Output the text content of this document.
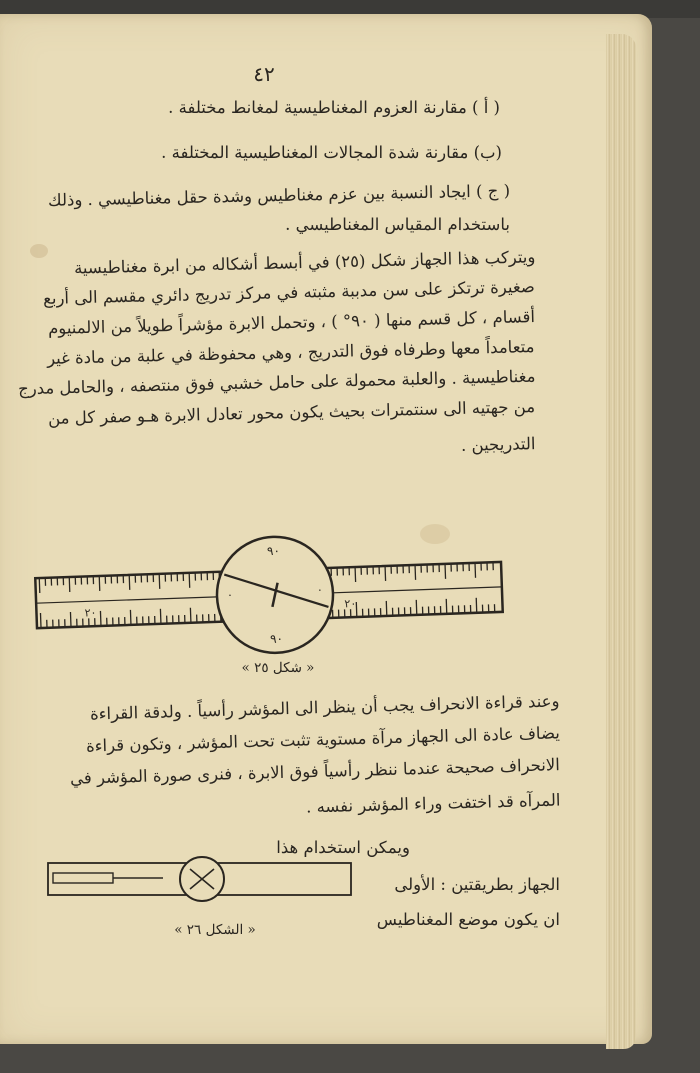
٤٢
( أ ) مقارنة العزوم المغناطيسية لمغانط مختلفة .
(ب) مقارنة شدة المجالات المغناطيسية المختلفة .
( ج ) ايجاد النسبة بين عزم مغناطيس وشدة حقل مغناطيسي . وذلك
باستخدام المقياس المغناطيسي .
ويتركب هذا الجهاز شكل (٢٥) في أبسط أشكاله من ابرة مغناطيسية
صغيرة ترتكز على سن مدببة مثبته في مركز تدريج دائري مقسم الى أربع
أقسام ، كل قسم منها ( ٩٠° ) ، وتحمل الابرة مؤشراً طويلاً من الالمنيوم
متعامداً معها وطرفاه فوق التدريج ، وهي محفوظة في علبة من مادة غير
مغناطيسية . والعلبة محمولة على حامل خشبي فوق منتصفه ، والحامل مدرج
من جهتيه الى سنتمترات بحيث يكون محور تعادل الابرة هـو صفر كل من
التدريجين .
٩٠
٩٠
٠	٠
٢٠
٢٠
« شكل ٢٥ »
وعند قراءة الانحراف يجب أن ينظر الى المؤشر رأسياً . ولدقة القراءة
يضاف عادة الى الجهاز مرآة مستوية تثبت تحت المؤشر ، وتكون قراءة
الانحراف صحيحة عندما ننظر رأسياً فوق الابرة ، فنرى صورة المؤشر في
المرآه قد اختفت وراء المؤشر نفسه .
ويمكن استخدام هذا
الجهاز بطريقتين : الأولى
ان يكون موضع المغناطيس
« الشكل ٢٦ »
